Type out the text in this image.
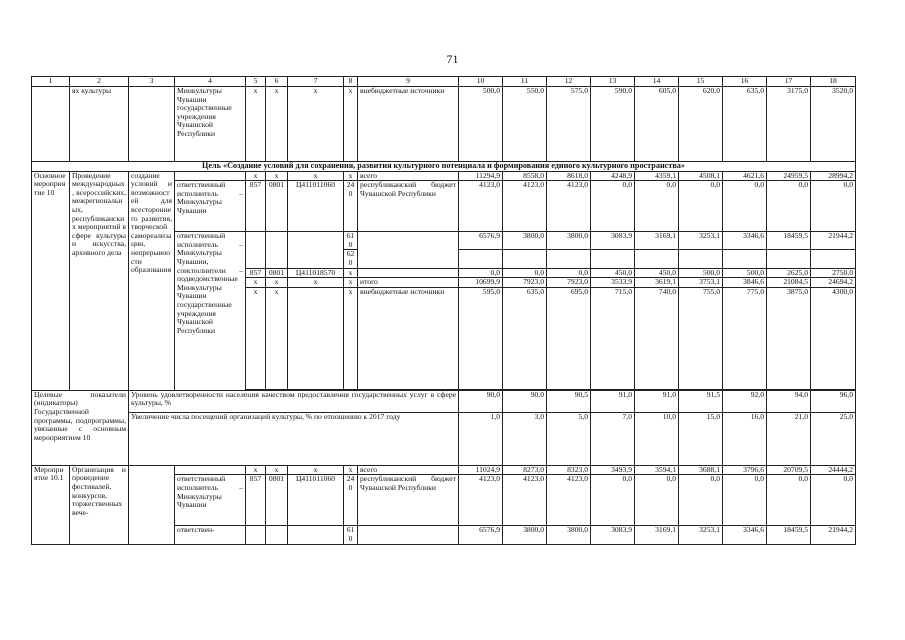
71
1	2	3	4	5	6	7	8	9	10	11	12	13	14	15	16	17	18
	ях культуры		Минкультуры Чувашии государственные учреждения Чувашской Республики	x	x	x	x	внебюджетные источники	500,0	550,0	575,0	590,0	605,0	620,0	635,0	3175,0	3520,0
Цель «Создание условий для сохранения, развития культурного потенциала и формирования единого культурного пространства»																	
Основное мероприятие 10	Проведение международных, всероссийских, межрегиональных, республиканских мероприятий в сфере культуры и искусства, архивного дела	создание условий и возможностей для всестороннего развития, творческой самореализации, непрерывности образования		x	x	x	x	всего	11294,9	8558,0	8618,0	4248,9	4359,1	4508,1	4621,6	24959,5	28994,2
			ответственный исполнитель – Минкультуры Чувашии	857	0801	Ц411011060	240	республиканский бюджет Чувашской Республики	4123,0	4123,0	4123,0	0,0	0,0	0,0	0,0	0,0	0,0
			ответственный исполнитель – Минкультуры Чувашии, соисполнители – подведомственные Минкультуры Чувашии государственные учреждения Чувашской Республики				610		6576,9	3800,0	3800,0	3083,9	3169,1	3253,1	3346,6	18459,5	21944,2
							620										
				857	0801	Ц411018570	x		0,0	0,0	0,0	450,0	450,0	500,0	500,0	2625,0	2750,0
				x	x	x	x	итого	10699,9	7923,0	7923,0	3533,9	3619,1	3753,1	3846,6	21084,5	24694,2
				x	x		x	внебюджетные источники	595,0	635,0	695,0	715,0	740,0	755,0	775,0	3875,0	4300,0

Целевые показатели (индикаторы) Государственной программы, подпрограммы, увязанные с основным мероприятием 10		Уровень удовлетворенности населения качеством предоставления государственных услуг в сфере культуры, %							90,0	90,0	90,5	91,0	91,0	91,5	92,0	94,0	96,0
		Увеличение числа посещений организаций культуры, % по отношению к 2017 году							1,0	3,0	5,0	7,0	10,0	15,0	16,0	21,0	25,0
Мероприятие 10.1	Организация и проведение фестивалей, конкурсов, торжественных вече-			x	x	x	x	всего	11024,9	8273,0	8323,0	3493,9	3594,1	3688,1	3796,6	20709,5	24444,2
			ответственный исполнитель – Минкультуры Чувашии	857	0801	Ц411011060	240	республиканский бюджет Чувашской Республики	4123,0	4123,0	4123,0	0,0	0,0	0,0	0,0	0,0	0,0
			ответствен-				610		6576,9	3800,0	3800,0	3083,9	3169,1	3253,1	3346,6	18459,5	21944,2
